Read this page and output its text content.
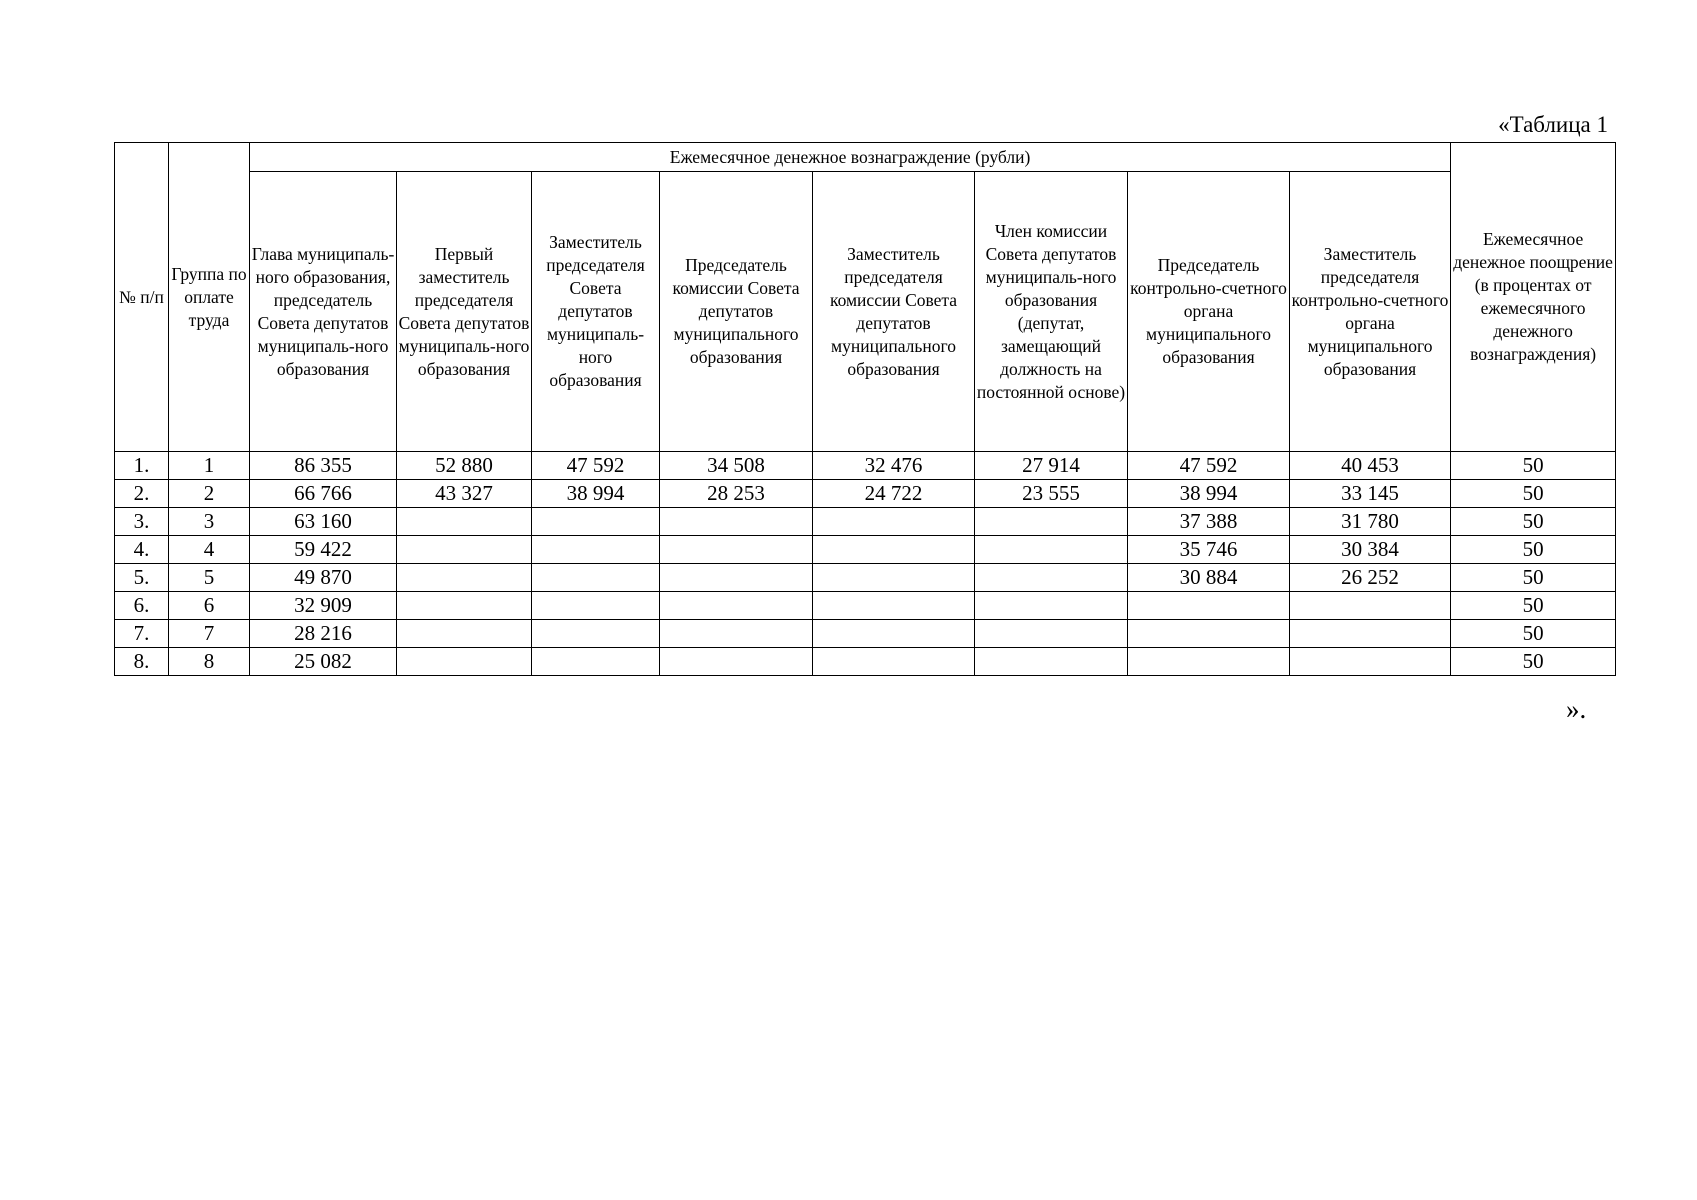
«Таблица 1
№ п/п	Группа по оплате труда	Ежемесячное денежное вознаграждение (рубли)								Ежемесячное денежное поощрение (в процентах от ежемесячного денежного вознаграждения)
		Глава муниципаль-ного образования, председатель Совета депутатов муниципаль-ного образования	Первый заместитель председателя Совета депутатов муниципаль-ного образования	Заместитель председателя Совета депутатов муниципаль-ного образования	Председатель комиссии Совета депутатов муниципального образования	Заместитель председателя комиссии Совета депутатов муниципального образования	Член комиссии Совета депутатов муниципаль-ного образования (депутат, замещающий должность на постоянной основе)	Председатель контрольно-счетного органа муниципального образования	Заместитель председателя контрольно-счетного органа муниципального образования	
1.	1	86 355	52 880	47 592	34 508	32 476	27 914	47 592	40 453	50
2.	2	66 766	43 327	38 994	28 253	24 722	23 555	38 994	33 145	50
3.	3	63 160						37 388	31 780	50
4.	4	59 422						35 746	30 384	50
5.	5	49 870						30 884	26 252	50
6.	6	32 909								50
7.	7	28 216								50
8.	8	25 082								50
».
